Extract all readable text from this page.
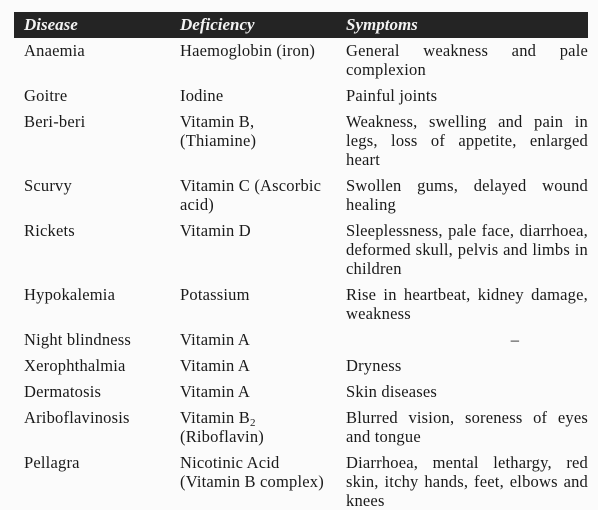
Disease	Deficiency	Symptoms
Anaemia	Haemoglobin (iron)	General weakness and pale complexion
Goitre	Iodine	Painful joints
Beri-beri	Vitamin B, (Thiamine)	Weakness, swelling and pain in legs, loss of appetite, enlarged heart
Scurvy	Vitamin C (Ascorbic acid)	Swollen gums, delayed wound healing
Rickets	Vitamin D	Sleeplessness, pale face, diarrhoea, deformed skull, pelvis and limbs in children
Hypokalemia	Potassium	Rise in heartbeat, kidney damage, weakness
Night blindness	Vitamin A	–

Xerophthalmia	Vitamin A	Dryness
Dermatosis	Vitamin A	Skin diseases
Ariboflavinosis	Vitamin $B_2$ (Riboflavin)	Blurred vision, soreness of eyes and tongue
Pellagra	Nicotinic Acid (Vitamin B complex)	Diarrhoea, mental lethargy, red skin, itchy hands, feet, elbows and knees
